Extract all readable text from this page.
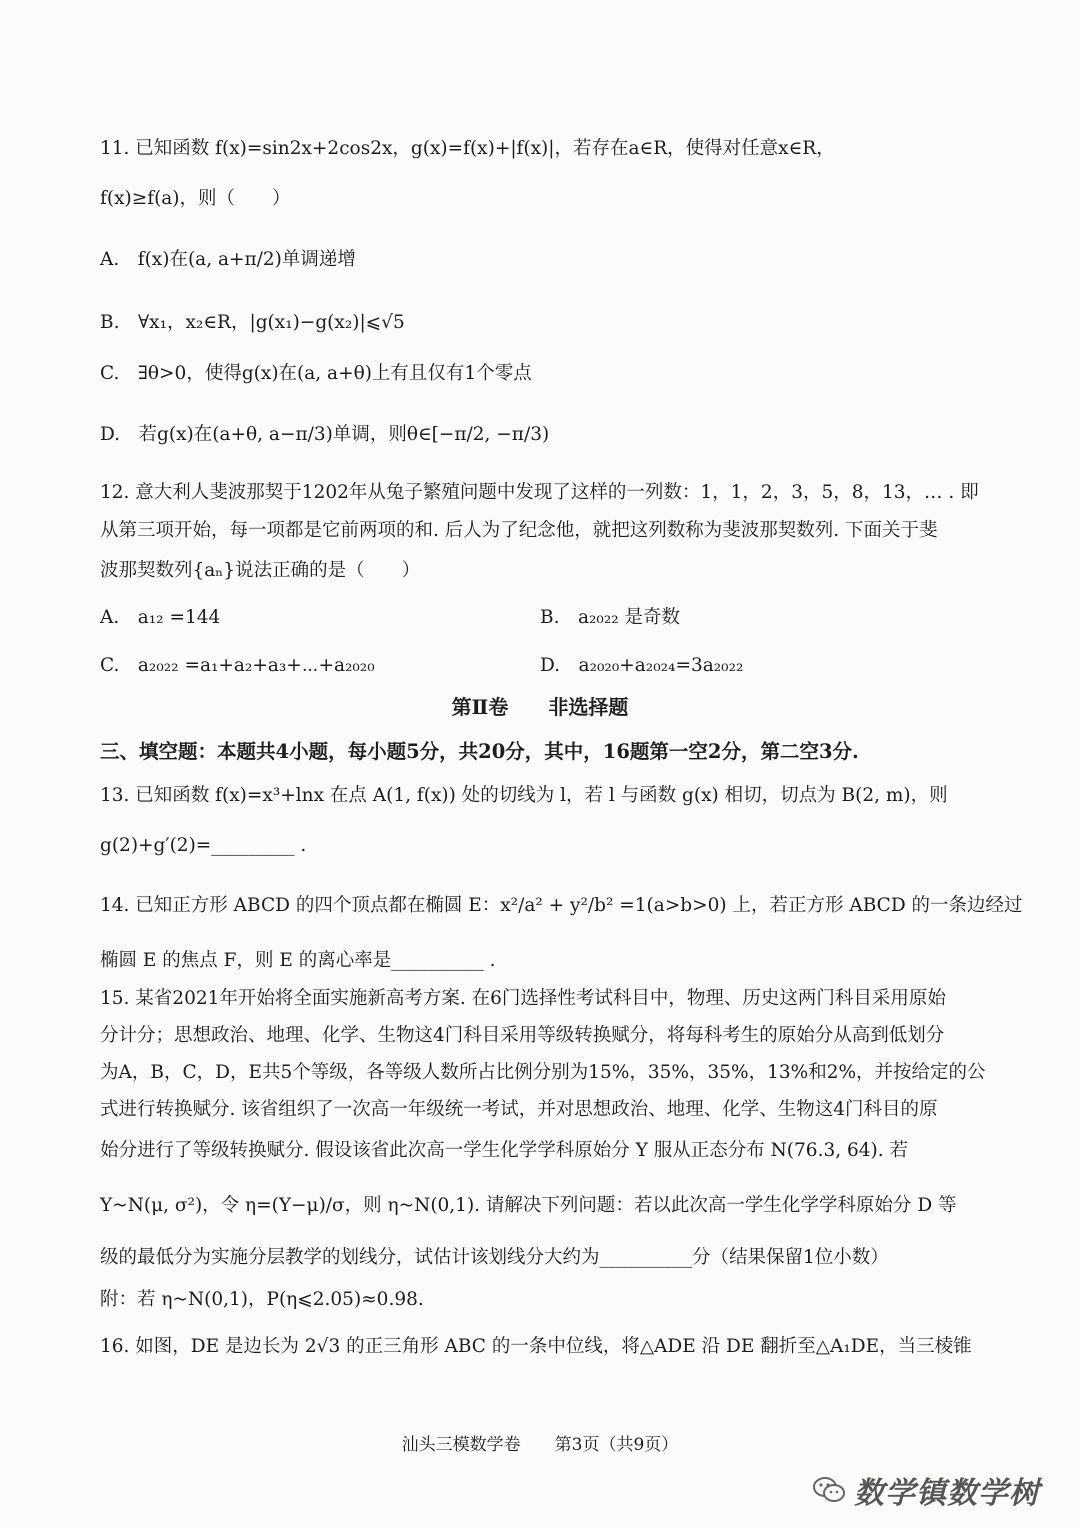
11. 已知函数 f(x)=sin2x+2cos2x，g(x)=f(x)+|f(x)|，若存在a∈R，使得对任意x∈R，
f(x)≥f(a)，则（　　）
A.　f(x)在(a, a+π/2)单调递增
B.　∀x₁，x₂∈R，|g(x₁)−g(x₂)|⩽√5
C.　∃θ>0，使得g(x)在(a, a+θ)上有且仅有1个零点
D.　若g(x)在(a+θ, a−π/3)单调，则θ∈[−π/2, −π/3)
12. 意大利人斐波那契于1202年从兔子繁殖问题中发现了这样的一列数：1，1，2，3，5，8，13，… . 即
从第三项开始，每一项都是它前两项的和. 后人为了纪念他，就把这列数称为斐波那契数列. 下面关于斐
波那契数列{aₙ}说法正确的是（　　）
A.　a₁₂ =144	B.　a₂₀₂₂ 是奇数
C.　a₂₀₂₂ =a₁+a₂+a₃+⋯+a₂₀₂₀	D.　a₂₀₂₀+a₂₀₂₄=3a₂₀₂₂
第Ⅱ卷　　非选择题
三、填空题：本题共4小题，每小题5分，共20分，其中，16题第一空2分，第二空3分.
13. 已知函数 f(x)=x³+lnx 在点 A(1, f(x)) 处的切线为 l，若 l 与函数 g(x) 相切，切点为 B(2, m)，则
g(2)+g′(2)=_________ .
14. 已知正方形 ABCD 的四个顶点都在椭圆 E：x²/a² + y²/b² =1(a>b>0) 上，若正方形 ABCD 的一条边经过
椭圆 E 的焦点 F，则 E 的离心率是__________ .
15. 某省2021年开始将全面实施新高考方案. 在6门选择性考试科目中，物理、历史这两门科目采用原始
分计分；思想政治、地理、化学、生物这4门科目采用等级转换赋分，将每科考生的原始分从高到低划分
为A，B，C，D，E共5个等级，各等级人数所占比例分别为15%，35%，35%，13%和2%，并按给定的公
式进行转换赋分. 该省组织了一次高一年级统一考试，并对思想政治、地理、化学、生物这4门科目的原
始分进行了等级转换赋分. 假设该省此次高一学生化学学科原始分 Y 服从正态分布 N(76.3, 64). 若
Y~N(μ, σ²)，令 η=(Y−μ)/σ，则 η~N(0,1). 请解决下列问题：若以此次高一学生化学学科原始分 D 等
级的最低分为实施分层教学的划线分，试估计该划线分大约为__________分（结果保留1位小数）
附：若 η~N(0,1)，P(η⩽2.05)≈0.98.
16. 如图，DE 是边长为 2√3 的正三角形 ABC 的一条中位线，将△ADE 沿 DE 翻折至△A₁DE，当三棱锥
汕头三模数学卷　　第3页（共9页）
数学镇数学树
